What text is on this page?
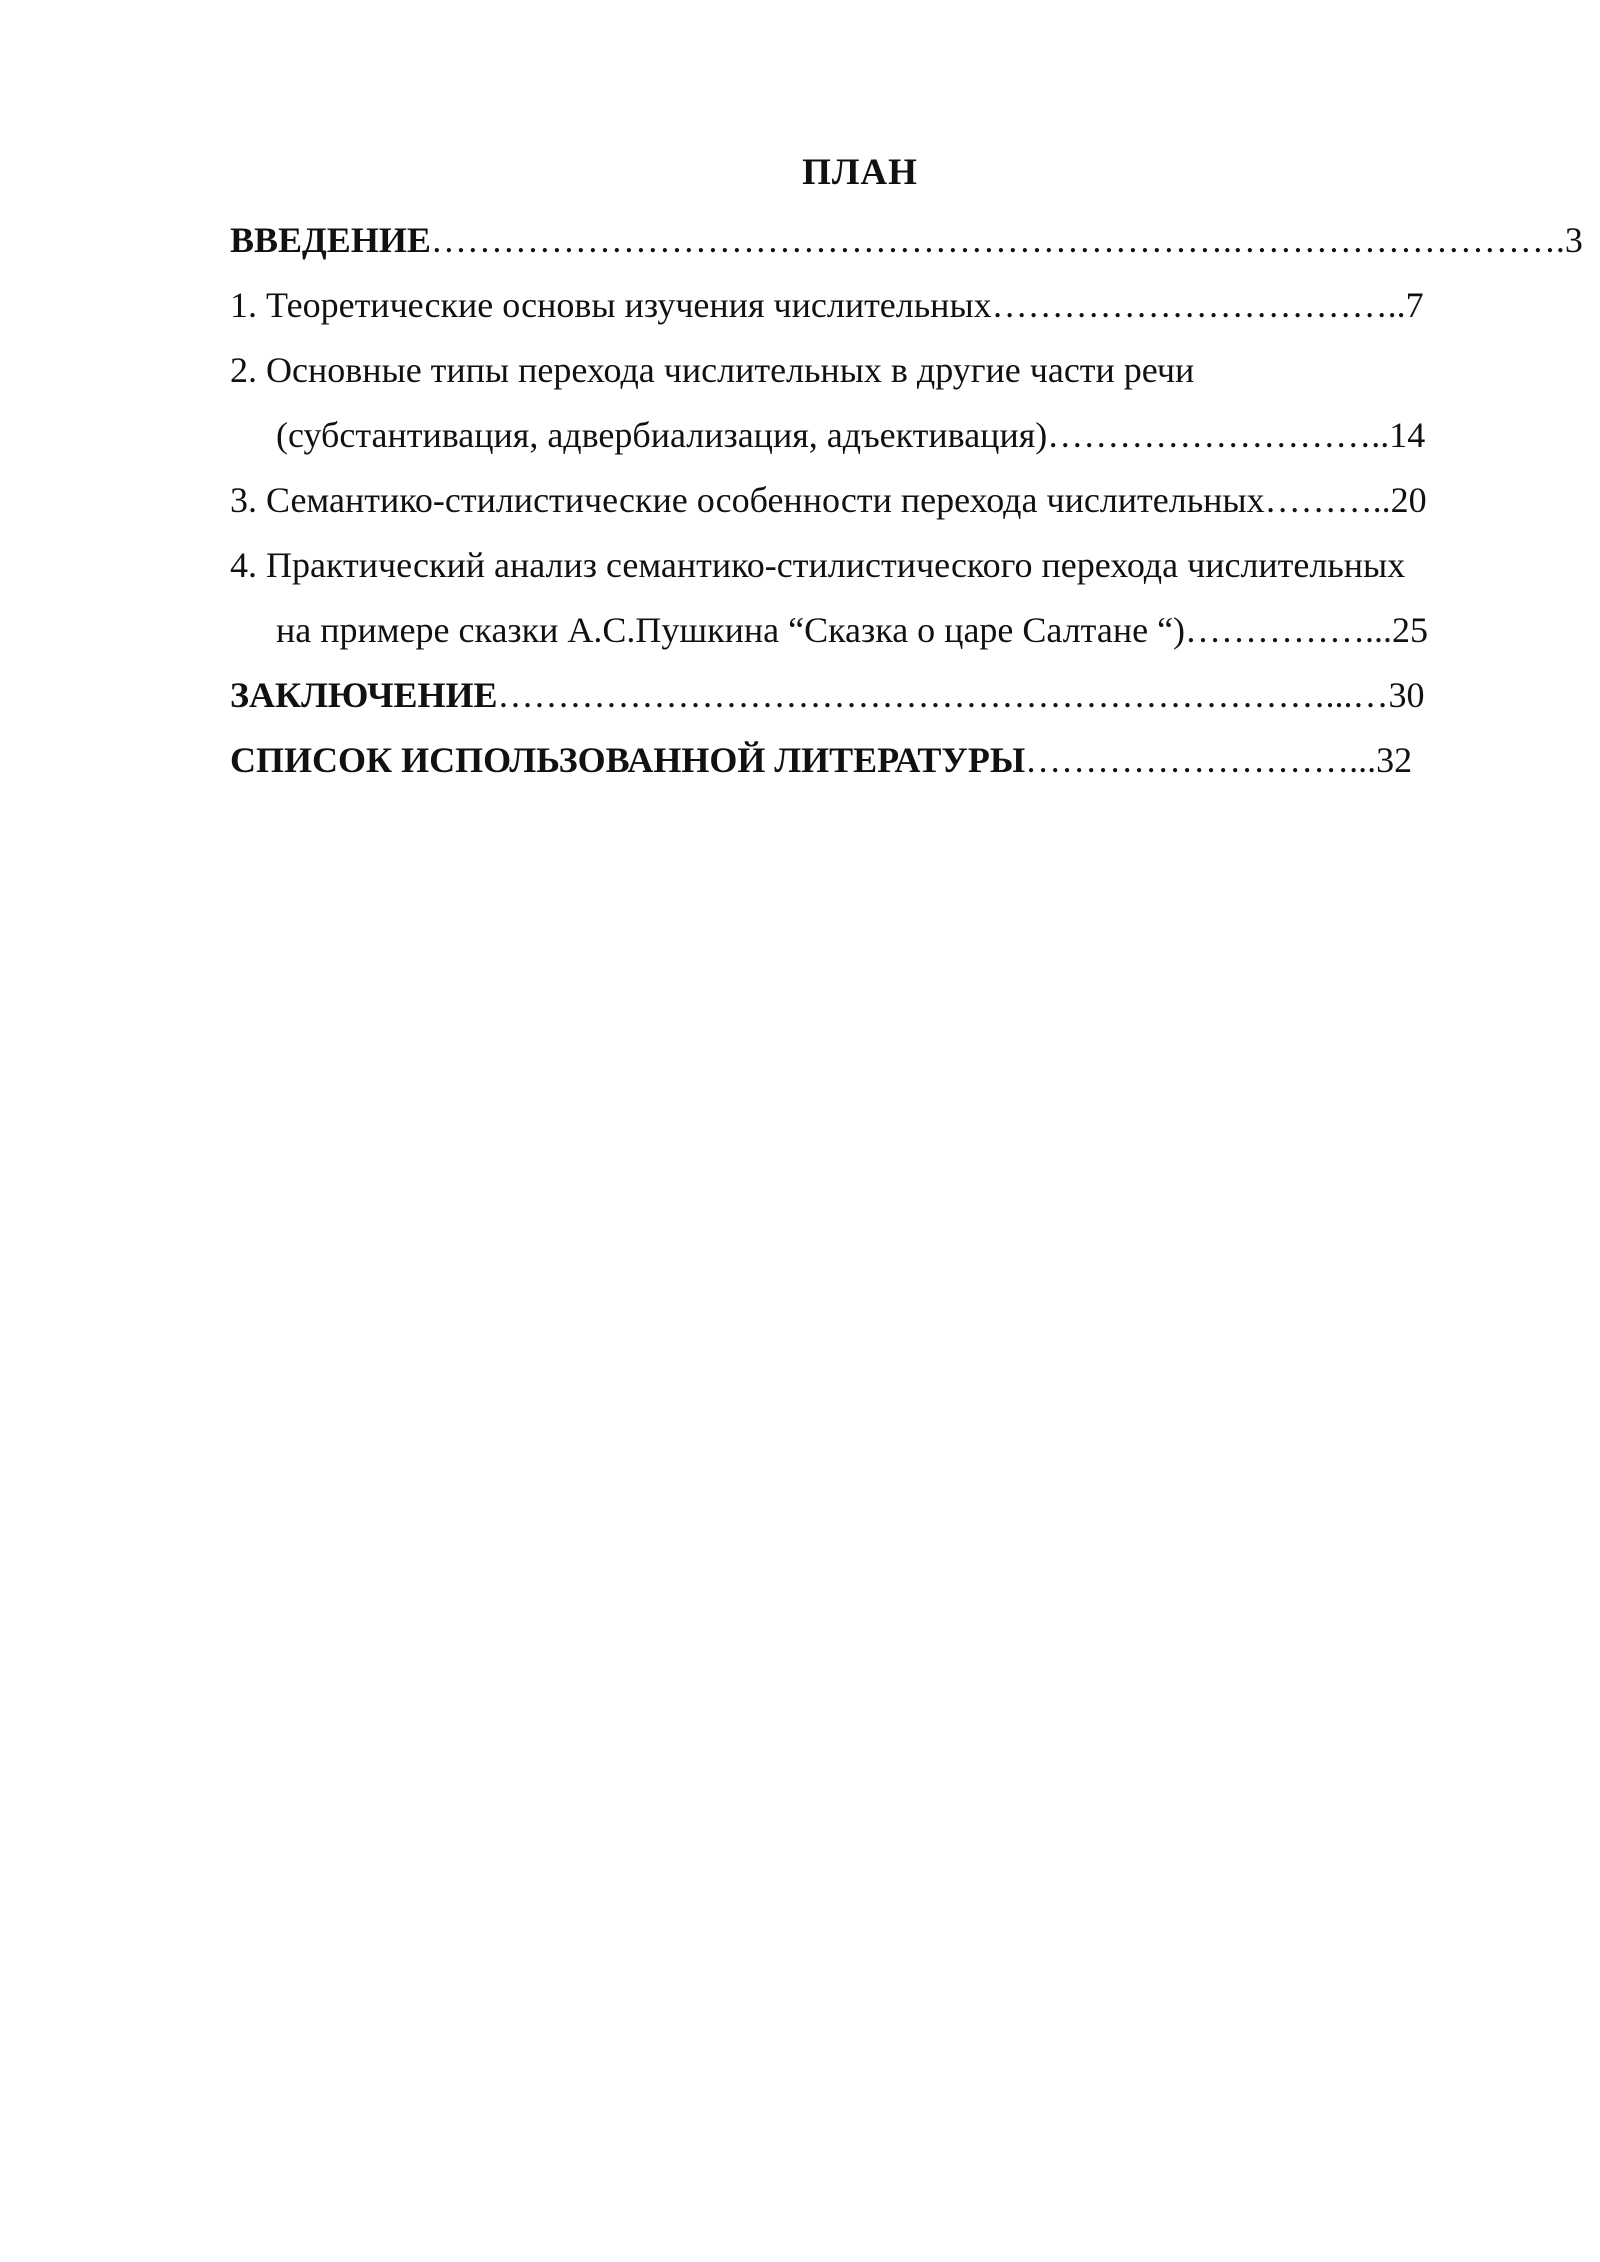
ПЛАН
ВВЕДЕНИЕ………………………………………………………….……………………….3
1. Теоретические основы изучения числительных……………………………..7
2. Основные типы перехода числительных в другие части речи
(субстантивация, адвербиализация, адъективация)………………………..14
3. Семантико-стилистические особенности перехода числительных………..20
4. Практический анализ семантико-стилистического перехода числительных
на примере сказки А.С.Пушкина “Сказка о царе Салтане “)……………...25
ЗАКЛЮЧЕНИЕ……………………………………………………………...…30
СПИСОК ИСПОЛЬЗОВАННОЙ ЛИТЕРАТУРЫ………………………...32
